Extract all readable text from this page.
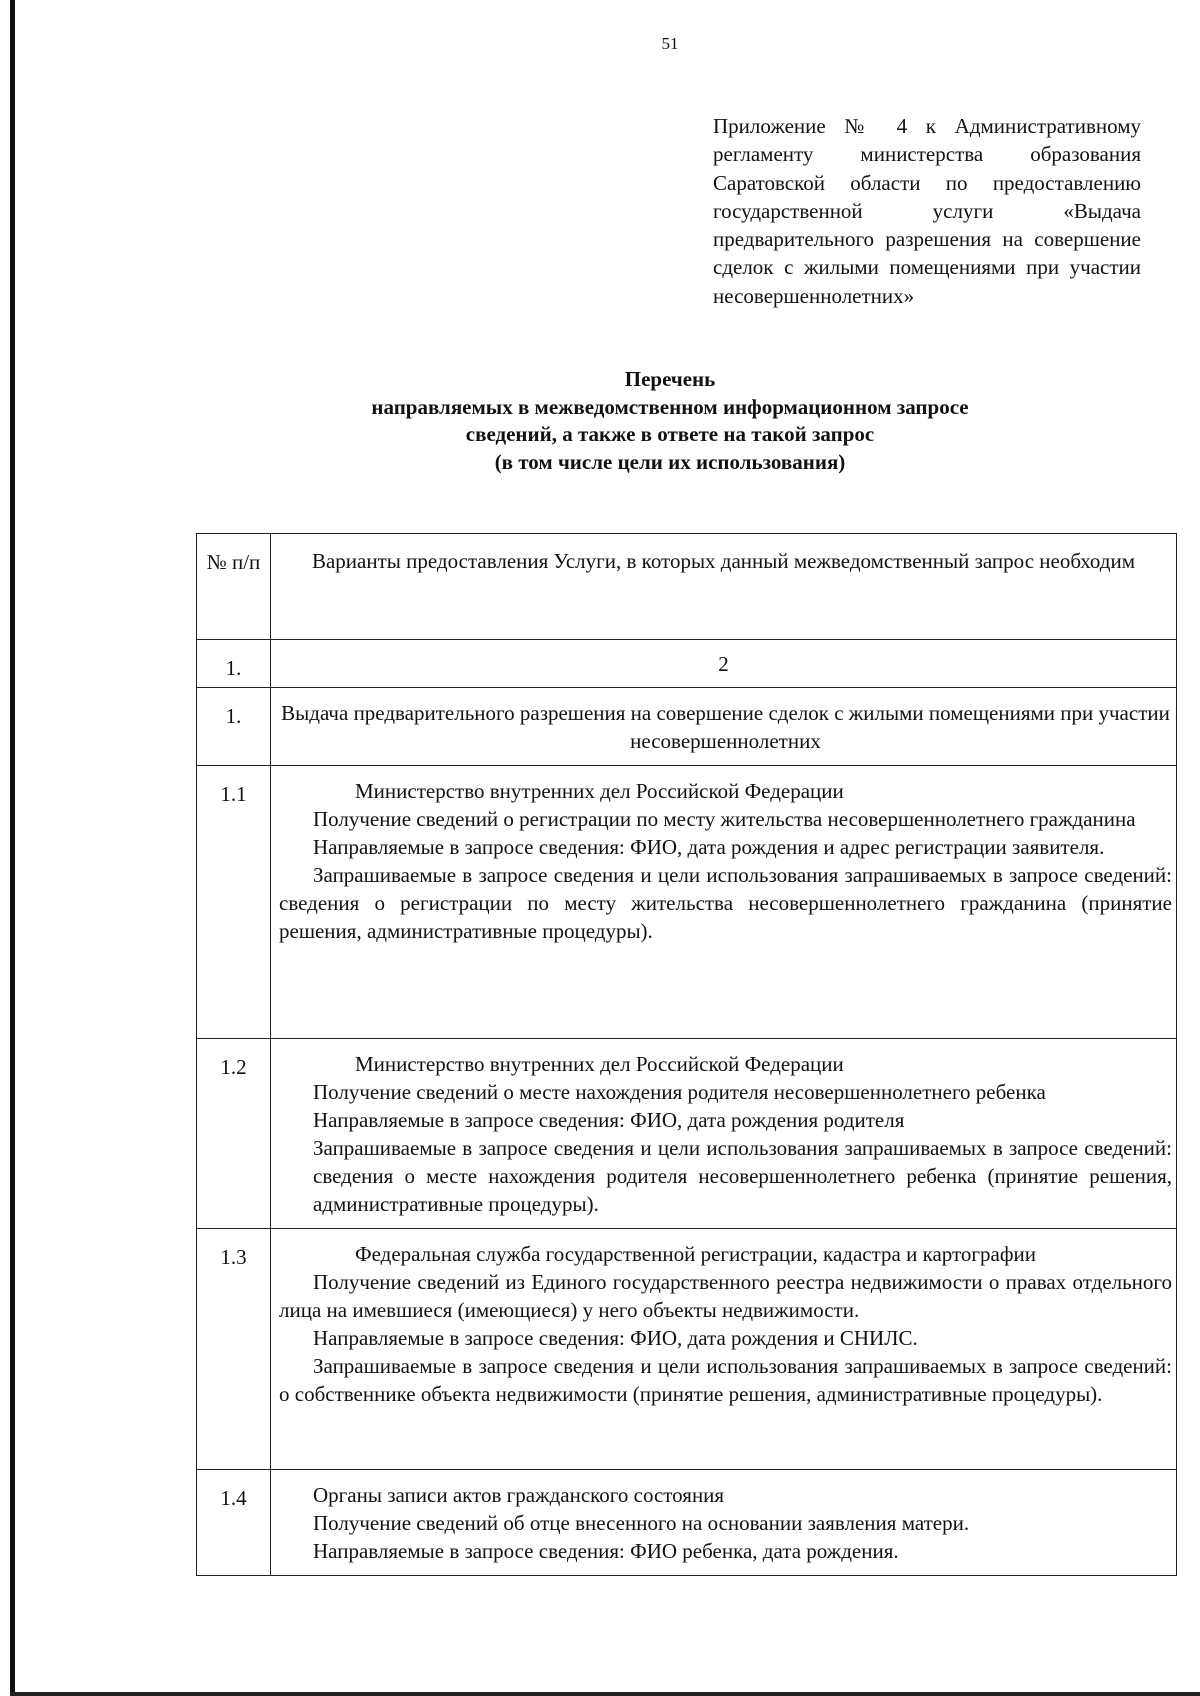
51
Приложение № 4 к Административному регламенту министерства образования Саратовской области по предоставлению государственной услуги «Выдача предварительного разрешения на совершение сделок с жилыми помещениями при участии несовершеннолетних»
Перечень
направляемых в межведомственном информационном запросе
сведений, а также в ответе на такой запрос
(в том числе цели их использования)
№ п/п	Варианты предоставления Услуги, в которых данный межведомственный запрос необходим
1.	2
1.	Выдача предварительного разрешения на совершение сделок с жилыми помещениями при участии несовершеннолетних
1.1	Министерство внутренних дел Российской Федерации
Получение сведений о регистрации по месту жительства несовершеннолетнего гражданина
Направляемые в запросе сведения: ФИО, дата рождения и адрес регистрации заявителя.
Запрашиваемые в запросе сведения и цели использования запрашиваемых в запросе сведений: сведения о регистрации по месту жительства несовершеннолетнего гражданина (принятие решения, административные процедуры).

1.2	Министерство внутренних дел Российской Федерации
Получение сведений о месте нахождения родителя несовершеннолетнего ребенка
Направляемые в запросе сведения: ФИО, дата рождения родителя
Запрашиваемые в запросе сведения и цели использования запрашиваемых в запросе сведений: сведения о месте нахождения родителя несовершеннолетнего ребенка (принятие решения, административные процедуры).

1.3	Федеральная служба государственной регистрации, кадастра и картографии
Получение сведений из Единого государственного реестра недвижимости о правах отдельного лица на имевшиеся (имеющиеся) у него объекты недвижимости.
Направляемые в запросе сведения: ФИО, дата рождения и СНИЛС.
Запрашиваемые в запросе сведения и цели использования запрашиваемых в запросе сведений: о собственнике объекта недвижимости (принятие решения, административные процедуры).

1.4	Органы записи актов гражданского состояния
Получение сведений об отце внесенного на основании заявления матери.
Направляемые в запросе сведения: ФИО ребенка, дата рождения.
